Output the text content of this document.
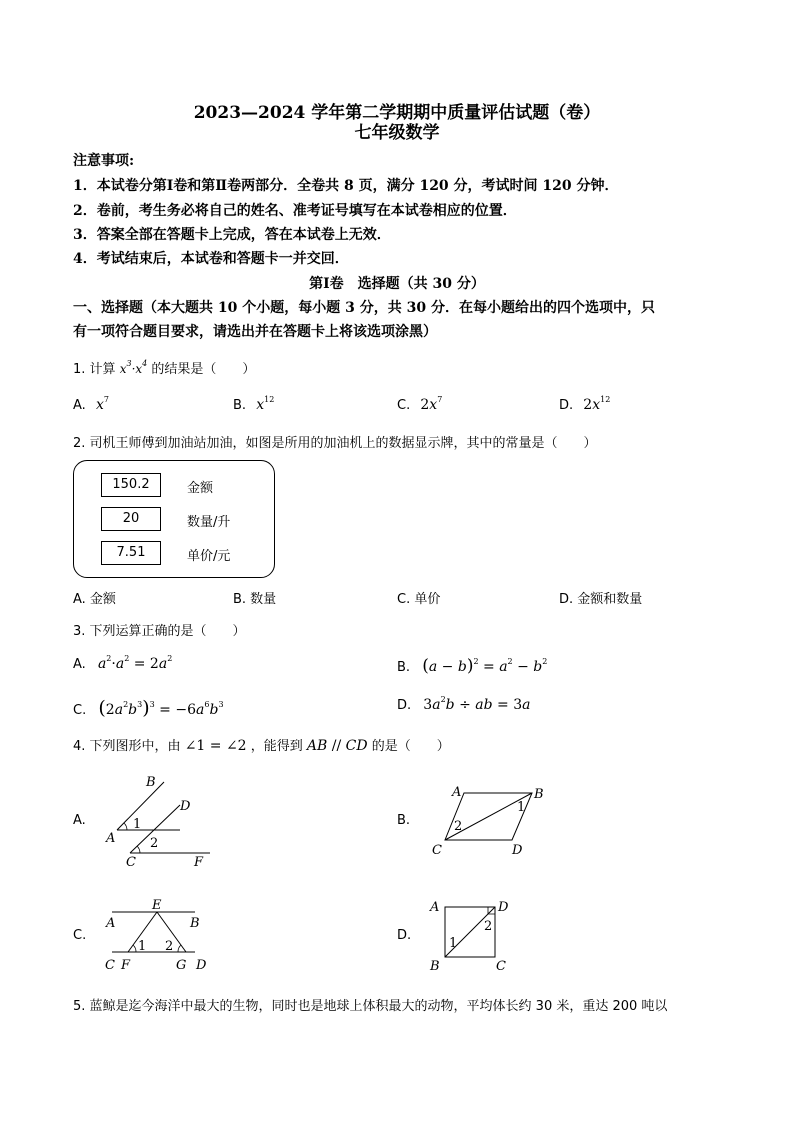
2023—2024 学年第二学期期中质量评估试题（卷）
七年级数学
注意事项:
1．本试卷分第Ⅰ卷和第Ⅱ卷两部分．全卷共 8 页，满分 120 分，考试时间 120 分钟．
2．卷前，考生务必将自己的姓名、准考证号填写在本试卷相应的位置．
3．答案全部在答题卡上完成，答在本试卷上无效．
4．考试结束后，本试卷和答题卡一并交回．
第Ⅰ卷　选择题（共 30 分）
一、选择题（本大题共 10 个小题，每小题 3 分，共 30 分．在每小题给出的四个选项中，只
有一项符合题目要求，请选出并在答题卡上将该选项涂黑）
1. 计算 $x^3\cdot x^4$ 的结果是（　　）
A. $x^7$	B. $x^{12}$	C. $2x^7$	D. $2x^{12}$
2. 司机王师傅到加油站加油，如图是所用的加油机上的数据显示牌，其中的常量是（　　）
150.2	金额
20	数量/升
7.51	单价/元
A. 金额	B. 数量	C. 单价	D. 金额和数量
3. 下列运算正确的是（　　）
A. $a^2\cdot a^2 = 2a^2$
B. $(a - b)^2 = a^2 - b^2$
C. $(2a^2b^3)^3 = -6a^6b^3$	D. $3a^2b$ ÷ ab = 3a
4. 下列图形中，由 ∠1 = ∠2 ，能得到 AB // CD 的是（　　）
A.
B
D
A
1
2
C	F
B.
A	B
C	D
1
2
C.
E
A	B
1 2
C F	G D
D.
A	D
B	C
1
2
5. 蓝鲸是迄今海洋中最大的生物，同时也是地球上体积最大的动物，平均体长约 30 米，重达 200 吨以
